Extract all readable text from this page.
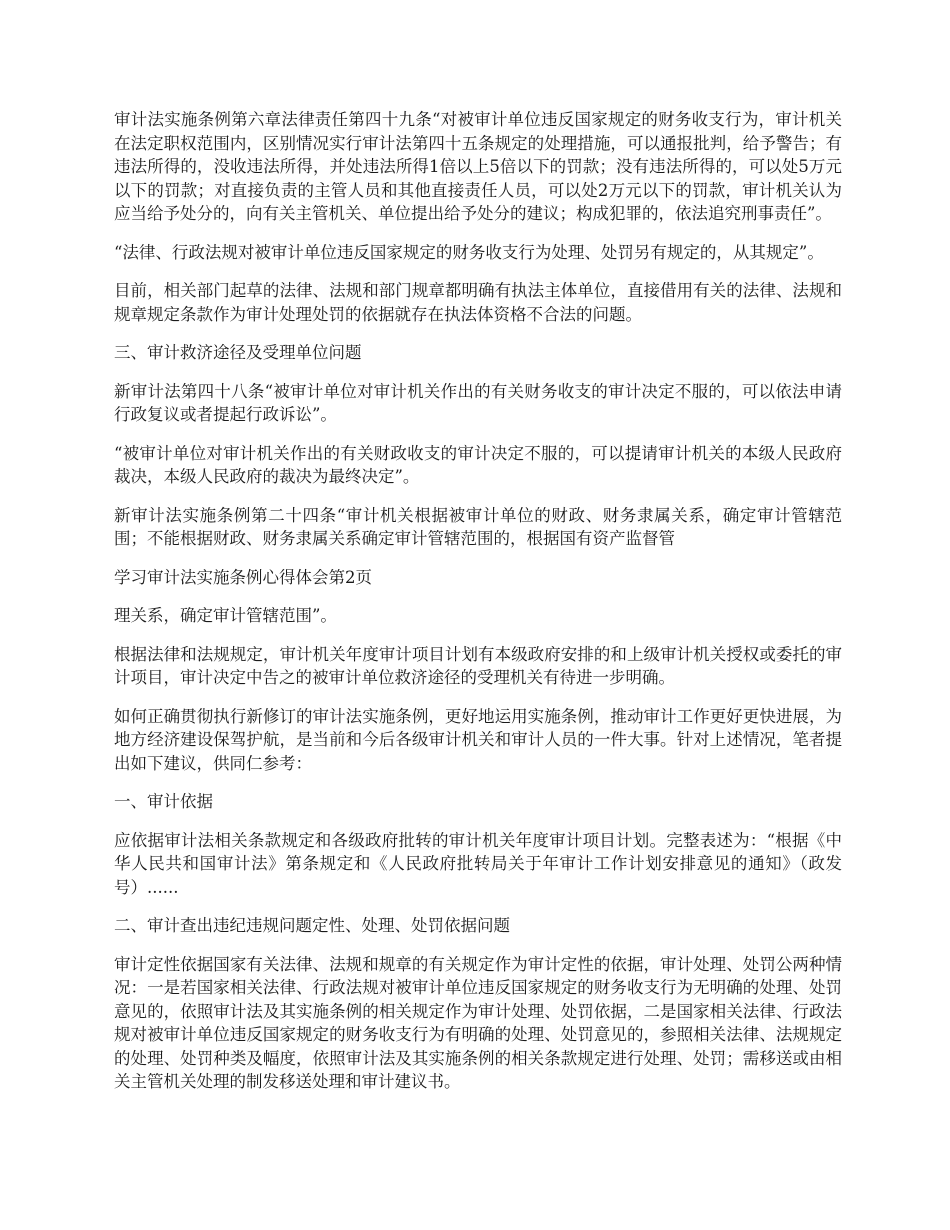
审计法实施条例第六章法律责任第四十九条“对被审计单位违反国家规定的财务收支行为，审计机关在法定职权范围内，区别情况实行审计法第四十五条规定的处理措施，可以通报批判，给予警告；有违法所得的，没收违法所得，并处违法所得1倍以上5倍以下的罚款；没有违法所得的，可以处5万元以下的罚款；对直接负责的主管人员和其他直接责任人员，可以处2万元以下的罚款，审计机关认为应当给予处分的，向有关主管机关、单位提出给予处分的建议；构成犯罪的，依法追究刑事责任”。

“法律、行政法规对被审计单位违反国家规定的财务收支行为处理、处罚另有规定的，从其规定”。

目前，相关部门起草的法律、法规和部门规章都明确有执法主体单位，直接借用有关的法律、法规和规章规定条款作为审计处理处罚的依据就存在执法体资格不合法的问题。

三、审计救济途径及受理单位问题

新审计法第四十八条“被审计单位对审计机关作出的有关财务收支的审计决定不服的，可以依法申请行政复议或者提起行政诉讼”。

“被审计单位对审计机关作出的有关财政收支的审计决定不服的，可以提请审计机关的本级人民政府裁决，本级人民政府的裁决为最终决定”。

新审计法实施条例第二十四条“审计机关根据被审计单位的财政、财务隶属关系，确定审计管辖范围；不能根据财政、财务隶属关系确定审计管辖范围的，根据国有资产监督管

学习审计法实施条例心得体会第2页

理关系，确定审计管辖范围”。

根据法律和法规规定，审计机关年度审计项目计划有本级政府安排的和上级审计机关授权或委托的审计项目，审计决定中告之的被审计单位救济途径的受理机关有待进一步明确。

如何正确贯彻执行新修订的审计法实施条例，更好地运用实施条例，推动审计工作更好更快进展，为地方经济建设保驾护航，是当前和今后各级审计机关和审计人员的一件大事。针对上述情况，笔者提出如下建议，供同仁参考：

一、审计依据

应依据审计法相关条款规定和各级政府批转的审计机关年度审计项目计划。完整表述为：“根据《中华人民共和国审计法》第条规定和《人民政府批转局关于年审计工作计划安排意见的通知》（政发号）......

二、审计查出违纪违规问题定性、处理、处罚依据问题

审计定性依据国家有关法律、法规和规章的有关规定作为审计定性的依据，审计处理、处罚公两种情况：一是若国家相关法律、行政法规对被审计单位违反国家规定的财务收支行为无明确的处理、处罚意见的，依照审计法及其实施条例的相关规定作为审计处理、处罚依据，二是国家相关法律、行政法规对被审计单位违反国家规定的财务收支行为有明确的处理、处罚意见的，参照相关法律、法规规定的处理、处罚种类及幅度，依照审计法及其实施条例的相关条款规定进行处理、处罚；需移送或由相关主管机关处理的制发移送处理和审计建议书。
